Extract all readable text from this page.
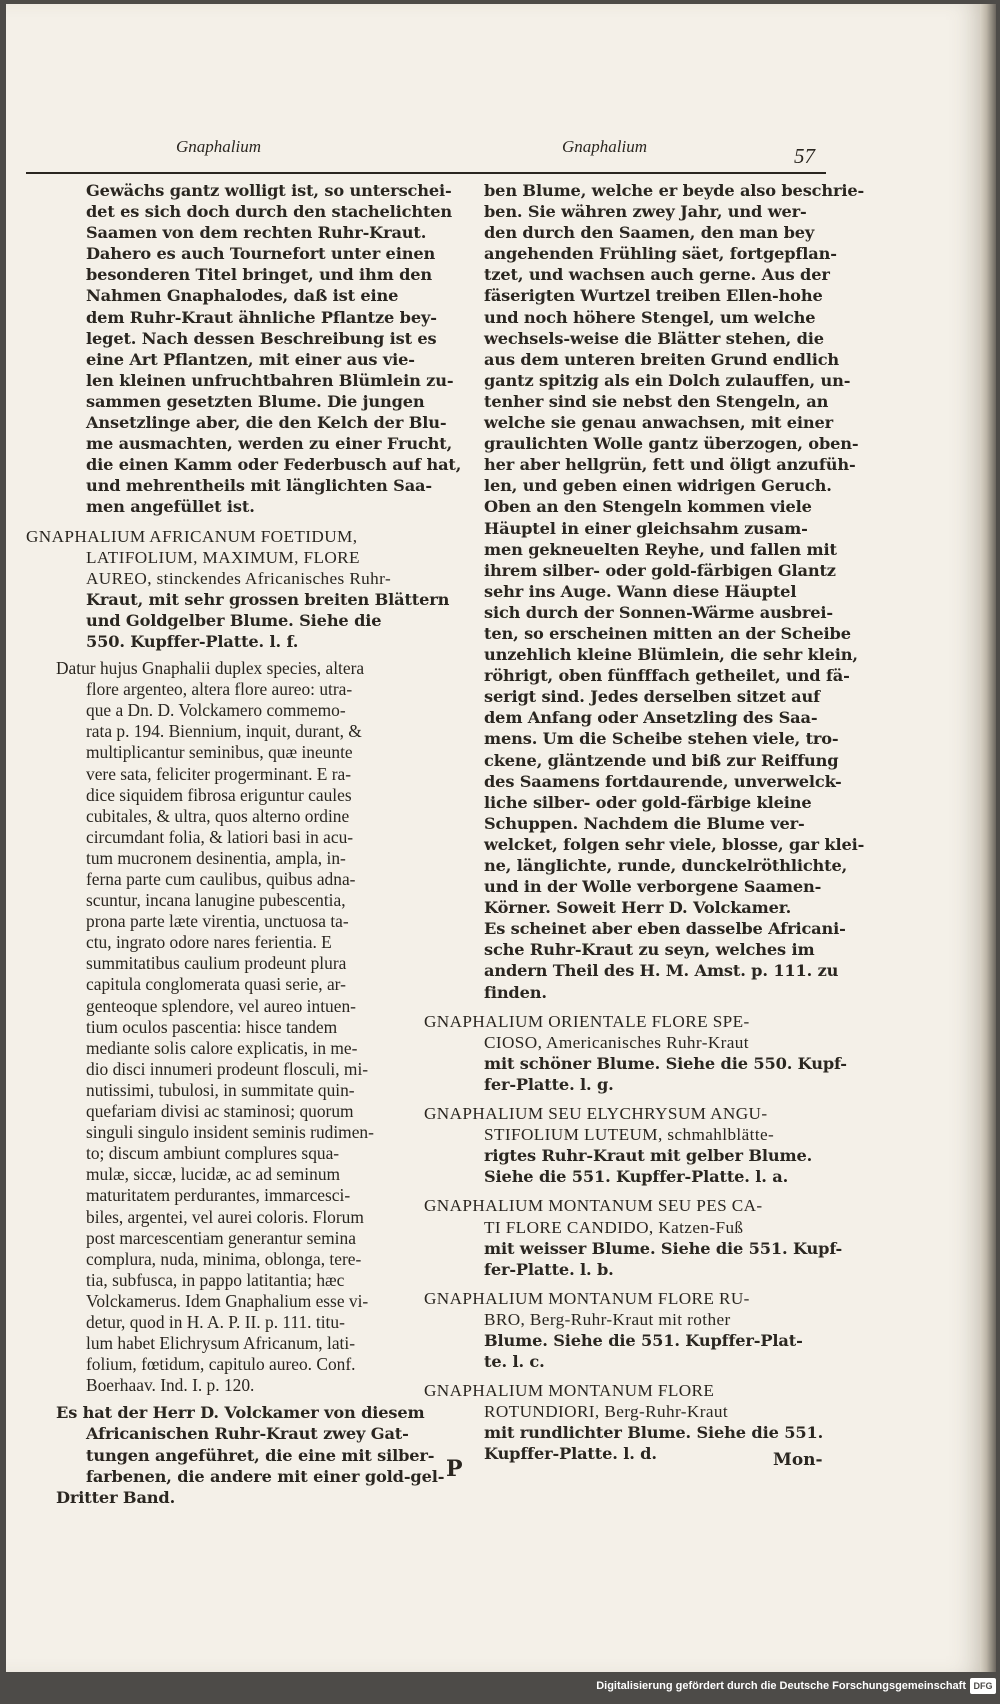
Gnaphalium	Gnaphalium	57
Gewächs gantz wolligt ist, so unterschei-
det es sich doch durch den stachelichten
Saamen von dem rechten Ruhr-Kraut.
Dahero es auch Tournefort unter einen
besonderen Titel bringet, und ihm den
Nahmen Gnaphalodes, daß ist eine
dem Ruhr-Kraut ähnliche Pflantze bey-
leget. Nach dessen Beschreibung ist es
eine Art Pflantzen, mit einer aus vie-
len kleinen unfruchtbahren Blümlein zu-
sammen gesetzten Blume. Die jungen
Ansetzlinge aber, die den Kelch der Blu-
me ausmachten, werden zu einer Frucht,
die einen Kamm oder Federbusch auf hat,
und mehrentheils mit länglichten Saa-
men angefüllet ist.
GNAPHALIUM AFRICANUM FOETIDUM,
LATIFOLIUM, MAXIMUM, FLORE
AUREO, stinckendes Africanisches Ruhr-
Kraut, mit sehr grossen breiten Blättern
und Goldgelber Blume. Siehe die
550. Kupffer-Platte. l. f.
Datur hujus Gnaphalii duplex species, altera
flore argenteo, altera flore aureo: utra-
que a Dn. D. Volckamero commemo-
rata p. 194. Biennium, inquit, durant, &
multiplicantur seminibus, quæ ineunte
vere sata, feliciter progerminant. E ra-
dice siquidem fibrosa eriguntur caules
cubitales, & ultra, quos alterno ordine
circumdant folia, & latiori basi in acu-
tum mucronem desinentia, ampla, in-
ferna parte cum caulibus, quibus adna-
scuntur, incana lanugine pubescentia,
prona parte læte virentia, unctuosa ta-
ctu, ingrato odore nares ferientia. E
summitatibus caulium prodeunt plura
capitula conglomerata quasi serie, ar-
genteoque splendore, vel aureo intuen-
tium oculos pascentia: hisce tandem
mediante solis calore explicatis, in me-
dio disci innumeri prodeunt flosculi, mi-
nutissimi, tubulosi, in summitate quin-
quefariam divisi ac staminosi; quorum
singuli singulo insident seminis rudimen-
to; discum ambiunt complures squa-
mulæ, siccæ, lucidæ, ac ad seminum
maturitatem perdurantes, immarcesci-
biles, argentei, vel aurei coloris. Florum
post marcescentiam generantur semina
complura, nuda, minima, oblonga, tere-
tia, subfusca, in pappo latitantia; hæc
Volckamerus. Idem Gnaphalium esse vi-
detur, quod in H. A. P. II. p. 111. titu-
lum habet Elichrysum Africanum, lati-
folium, fœtidum, capitulo aureo. Conf.
Boerhaav. Ind. I. p. 120.
Es hat der Herr D. Volckamer von diesem
Africanischen Ruhr-Kraut zwey Gat-
tungen angeführet, die eine mit silber-
farbenen, die andere mit einer gold-gel-
Dritter Band.
ben Blume, welche er beyde also beschrie-
ben. Sie währen zwey Jahr, und wer-
den durch den Saamen, den man bey
angehenden Frühling säet, fortgepflan-
tzet, und wachsen auch gerne. Aus der
fäserigten Wurtzel treiben Ellen-hohe
und noch höhere Stengel, um welche
wechsels-weise die Blätter stehen, die
aus dem unteren breiten Grund endlich
gantz spitzig als ein Dolch zulauffen, un-
tenher sind sie nebst den Stengeln, an
welche sie genau anwachsen, mit einer
graulichten Wolle gantz überzogen, oben-
her aber hellgrün, fett und öligt anzufüh-
len, und geben einen widrigen Geruch.
Oben an den Stengeln kommen viele
Häuptel in einer gleichsahm zusam-
men gekneuelten Reyhe, und fallen mit
ihrem silber- oder gold-färbigen Glantz
sehr ins Auge. Wann diese Häuptel
sich durch der Sonnen-Wärme ausbrei-
ten, so erscheinen mitten an der Scheibe
unzehlich kleine Blümlein, die sehr klein,
röhrigt, oben fünfffach getheilet, und fä-
serigt sind. Jedes derselben sitzet auf
dem Anfang oder Ansetzling des Saa-
mens. Um die Scheibe stehen viele, tro-
ckene, gläntzende und biß zur Reiffung
des Saamens fortdaurende, unverwelck-
liche silber- oder gold-färbige kleine
Schuppen. Nachdem die Blume ver-
welcket, folgen sehr viele, blosse, gar klei-
ne, länglichte, runde, dunckelröthlichte,
und in der Wolle verborgene Saamen-
Körner. Soweit Herr D. Volckamer.
Es scheinet aber eben dasselbe Africani-
sche Ruhr-Kraut zu seyn, welches im
andern Theil des H. M. Amst. p. 111. zu
finden.
GNAPHALIUM ORIENTALE FLORE SPE-
CIOSO, Americanisches Ruhr-Kraut
mit schöner Blume. Siehe die 550. Kupf-
fer-Platte. l. g.
GNAPHALIUM SEU ELYCHRYSUM ANGU-
STIFOLIUM LUTEUM, schmahlblätte-
rigtes Ruhr-Kraut mit gelber Blume.
Siehe die 551. Kupffer-Platte. l. a.
GNAPHALIUM MONTANUM SEU PES CA-
TI FLORE CANDIDO, Katzen-Fuß
mit weisser Blume. Siehe die 551. Kupf-
fer-Platte. l. b.
GNAPHALIUM MONTANUM FLORE RU-
BRO, Berg-Ruhr-Kraut mit rother
Blume. Siehe die 551. Kupffer-Plat-
te. l. c.
GNAPHALIUM MONTANUM FLORE
ROTUNDIORI, Berg-Ruhr-Kraut
mit rundlichter Blume. Siehe die 551.
Kupffer-Platte. l. d.
P	Mon-
Digitalisierung gefördert durch die Deutsche Forschungsgemeinschaft DFG
